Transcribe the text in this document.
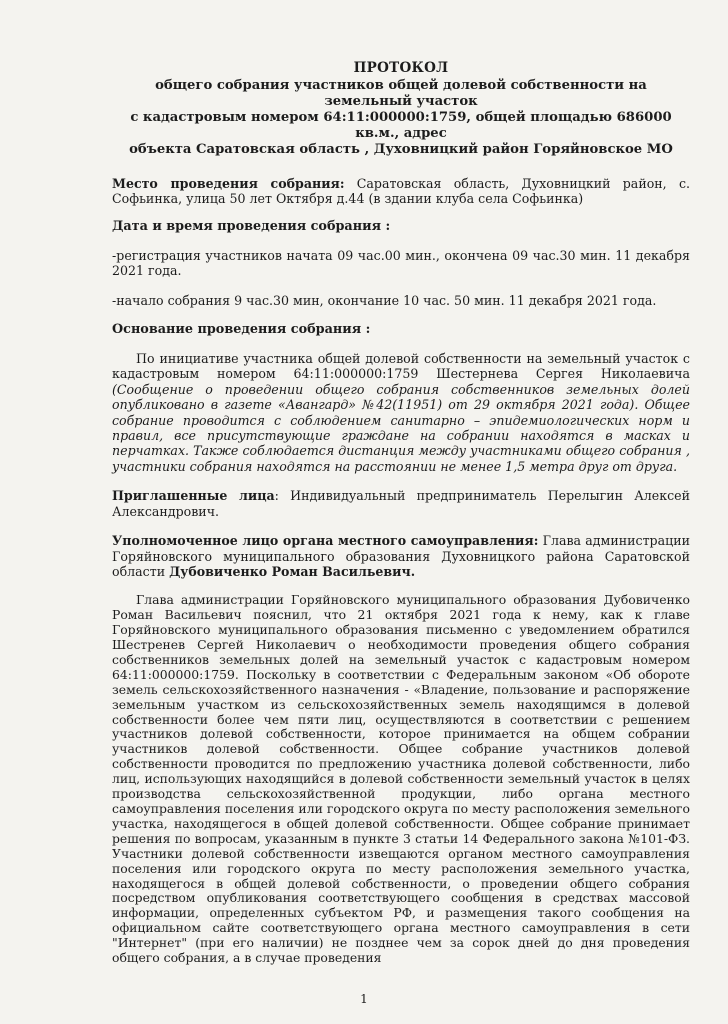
ПРОТОКОЛ
общего собрания участников общей долевой собственности на земельный участок
с кадастровым номером 64:11:000000:1759, общей площадью 686000 кв.м., адрес
объекта Саратовская область , Духовницкий район Горяйновское МО

Место проведения собрания: Саратовская область, Духовницкий район, с. Софьинка, улица 50 лет Октября д.44 (в здании клуба села Софьинка)

Дата и время проведения собрания :

-регистрация участников начата 09 час.00 мин., окончена 09 час.30 мин. 11 декабря 2021 года.

-начало собрания 9 час.30 мин, окончание 10 час. 50 мин. 11 декабря 2021 года.

Основание проведения собрания :

По инициативе участника общей долевой собственности на земельный участок с кадастровым номером 64:11:000000:1759 Шестернева Сергея Николаевича (Сообщение о проведении общего собрания собственников земельных долей опубликовано в газете «Авангард» №42(11951) от 29 октября 2021 года). Общее собрание проводится с соблюдением санитарно – эпидемиологических норм и правил, все присутствующие граждане на собрании находятся в масках и перчатках. Также соблюдается дистанция между участниками общего собрания , участники собрания находятся на расстоянии не менее 1,5 метра друг от друга.

Приглашенные лица: Индивидуальный предприниматель Перелыгин Алексей Александрович.

Уполномоченное лицо органа местного самоуправления: Глава администрации Горяйновского муниципального образования Духовницкого района Саратовской области Дубовиченко Роман Васильевич.

Глава администрации Горяйновского муниципального образования Дубовиченко Роман Васильевич пояснил, что 21 октября 2021 года к нему, как к главе Горяйновского муниципального образования письменно с уведомлением обратился Шестренев Сергей Николаевич о необходимости проведения общего собрания собственников земельных долей на земельный участок с кадастровым номером 64:11:000000:1759. Поскольку в соответствии с Федеральным законом «Об обороте земель сельскохозяйственного назначения - «Владение, пользование и распоряжение земельным участком из сельскохозяйственных земель находящимся в долевой собственности более чем пяти лиц, осуществляются в соответствии с решением участников долевой собственности, которое принимается на общем собрании участников долевой собственности. Общее собрание участников долевой собственности проводится по предложению участника долевой собственности, либо лиц, использующих находящийся в долевой собственности земельный участок в целях производства сельскохозяйственной продукции, либо органа местного самоуправления поселения или городского округа по месту расположения земельного участка, находящегося в общей долевой собственности. Общее собрание принимает решения по вопросам, указанным в пункте 3 статьи 14 Федерального закона №101-ФЗ. Участники долевой собственности извещаются органом местного самоуправления поселения или городского округа по месту расположения земельного участка, находящегося в общей долевой собственности, о проведении общего собрания посредством опубликования соответствующего сообщения в средствах массовой информации, определенных субъектом РФ, и размещения такого сообщения на официальном сайте соответствующего органа местного самоуправления в сети "Интернет" (при его наличии) не позднее чем за сорок дней до дня проведения общего собрания, а в случае проведения

1
